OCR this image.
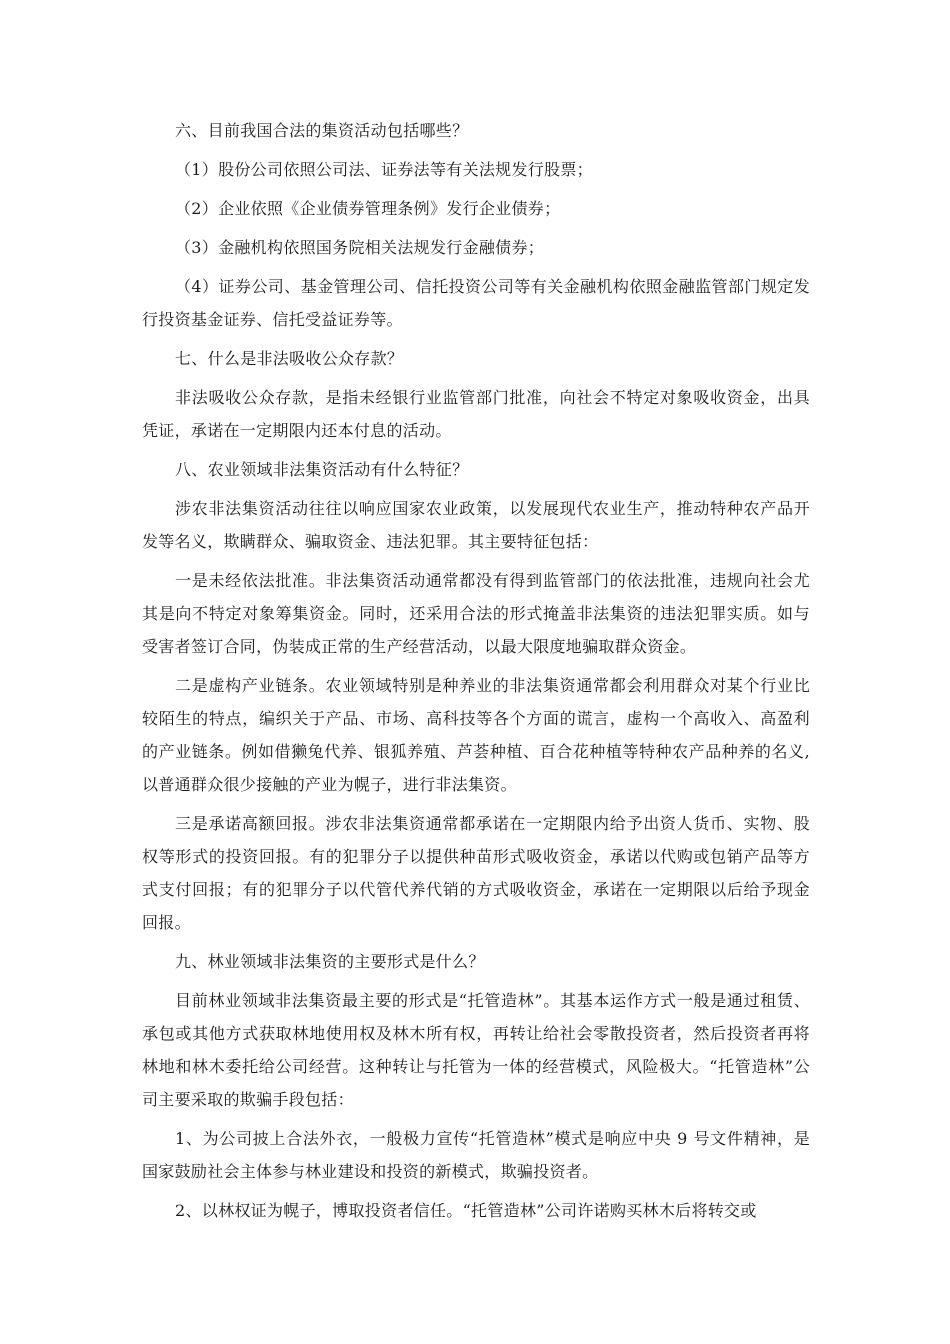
六、目前我国合法的集资活动包括哪些？

（1）股份公司依照公司法、证券法等有关法规发行股票；

（2）企业依照《企业债券管理条例》发行企业债券；

（3）金融机构依照国务院相关法规发行金融债券；

（4）证券公司、基金管理公司、信托投资公司等有关金融机构依照金融监管部门规定发行投资基金证券、信托受益证券等。

七、什么是非法吸收公众存款？

非法吸收公众存款，是指未经银行业监管部门批准，向社会不特定对象吸收资金，出具凭证，承诺在一定期限内还本付息的活动。

八、农业领域非法集资活动有什么特征？

涉农非法集资活动往往以响应国家农业政策，以发展现代农业生产，推动特种农产品开发等名义，欺瞒群众、骗取资金、违法犯罪。其主要特征包括：

一是未经依法批准。非法集资活动通常都没有得到监管部门的依法批准，违规向社会尤其是向不特定对象筹集资金。同时，还采用合法的形式掩盖非法集资的违法犯罪实质。如与受害者签订合同，伪装成正常的生产经营活动，以最大限度地骗取群众资金。

二是虚构产业链条。农业领域特别是种养业的非法集资通常都会利用群众对某个行业比较陌生的特点，编织关于产品、市场、高科技等各个方面的谎言，虚构一个高收入、高盈利的产业链条。例如借獭兔代养、银狐养殖、芦荟种植、百合花种植等特种农产品种养的名义,以普通群众很少接触的产业为幌子，进行非法集资。

三是承诺高额回报。涉农非法集资通常都承诺在一定期限内给予出资人货币、实物、股权等形式的投资回报。有的犯罪分子以提供种苗形式吸收资金，承诺以代购或包销产品等方式支付回报；有的犯罪分子以代管代养代销的方式吸收资金，承诺在一定期限以后给予现金回报。

九、林业领域非法集资的主要形式是什么？

目前林业领域非法集资最主要的形式是“托管造林”。其基本运作方式一般是通过租赁、承包或其他方式获取林地使用权及林木所有权，再转让给社会零散投资者，然后投资者再将林地和林木委托给公司经营。这种转让与托管为一体的经营模式，风险极大。“托管造林”公司主要采取的欺骗手段包括：

1、为公司披上合法外衣，一般极力宣传“托管造林”模式是响应中央 9 号文件精神，是国家鼓励社会主体参与林业建设和投资的新模式，欺骗投资者。

2、以林权证为幌子，博取投资者信任。“托管造林”公司许诺购买林木后将转交或
